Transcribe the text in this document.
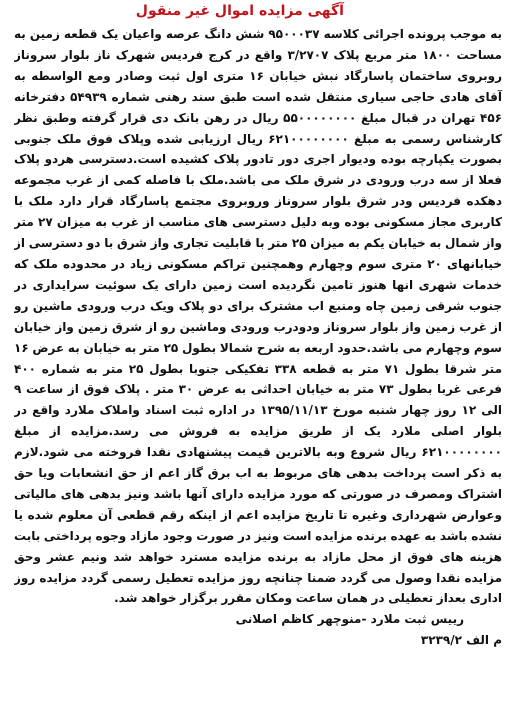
آگهی مزایده اموال غیر منقول

به موجب پرونده اجرائی کلاسه ۹۵۰۰۰۳۷ شش دانگ عرصه واعیان یک قطعه زمین به مساحت ۱۸۰۰ متر مربع پلاک ۳/۲۷۰۷ واقع در کرج فردیس شهرک ناز بلوار سروناز روبروی ساختمان پاسارگاد نبش خیابان ۱۶ متری اول ثبت وصادر ومع الواسطه به آقای هادی حاجی سیاری منتقل شده است طبق سند رهنی شماره ۵۴۹۳۹ دفترخانه ۴۵۶ تهران در قبال مبلغ ۵۵۰۰۰۰۰۰۰۰ ریال در رهن بانک دی قرار گرفته وطبق نظر کارشناس رسمی به مبلغ ۶۲۱۰۰۰۰۰۰۰۰ ریال ارزیابی شده وپلاک فوق ملک جنوبی بصورت یکپارچه بوده ودیوار اجری دور تادور پلاک کشیده است.دسترسی هردو پلاک فعلا از سه درب ورودی در شرق ملک می باشد.ملک با فاصله کمی از غرب مجموعه دهکده فردیس ودر شرق بلوار سروناز وروبروی مجتمع پاسارگاد قرار دارد ملک با کاربری مجاز مسکونی بوده وبه دلیل دسترسی های مناسب از غرب به میزان ۲۷ متر واز شمال به خیابان یکم به میزان ۲۵ متر با قابلیت تجاری واز شرق با دو دسترسی از خیابانهای ۲۰ متری سوم وچهارم وهمچنین تراکم مسکونی زیاد در محدوده ملک که خدمات شهری انها هنوز تامین نگردیده است زمین دارای یک سوئیت سرایداری در جنوب شرقی زمین چاه ومنبع اب مشترک برای دو پلاک ویک درب ورودی ماشین رو از غرب زمین واز بلوار سروناز ودودرب ورودی وماشین رو از شرق زمین واز خیابان سوم وچهارم می باشد.حدود اربعه به شرح شمالا بطول ۲۵ متر به خیابان به عرض ۱۶ متر شرقا بطول ۷۱ متر به قطعه ۳۳۸ تفکیکی جنوبا بطول ۲۵ متر به شماره ۴۰۰ فرعی غربا بطول ۷۳ متر به خیابان احداثی به عرض ۳۰ متر . پلاک فوق از ساعت ۹ الی ۱۲ روز چهار شنبه مورخ ۱۳۹۵/۱۱/۱۳ در اداره ثبت اسناد واملاک ملارد واقع در بلوار اصلی ملارد یک از طریق مزایده به فروش می رسد.مزایده از مبلغ ۶۲۱۰۰۰۰۰۰۰۰ ریال شروع وبه بالاترین قیمت پیشنهادی نقدا فروخته می شود.لازم به ذکر است پرداخت بدهی های مربوط به اب برق گاز اعم از حق انشعابات ویا حق اشتراک ومصرف در صورتی که مورد مزایده دارای آنها باشد ونیز بدهی های مالیاتی وعوارض شهرداری وغیره تا تاریخ مزایده اعم از اینکه رقم قطعی آن معلوم شده یا نشده باشد به عهده برنده مزایده است ونیز در صورت وجود مازاد وجوه پرداختی بابت هزینه های فوق از محل مازاد به برنده مزایده مسترد خواهد شد ونیم عشر وحق مزایده نقدا وصول می گردد ضمنا چنانچه روز مزایده تعطیل رسمی گردد مزایده روز اداری بعداز تعطیلی در همان ساعت ومکان مقرر برگزار خواهد شد.

رییس ثبت ملارد -منوچهر کاظم اصلانی

م الف ۳۲۳۹/۲
